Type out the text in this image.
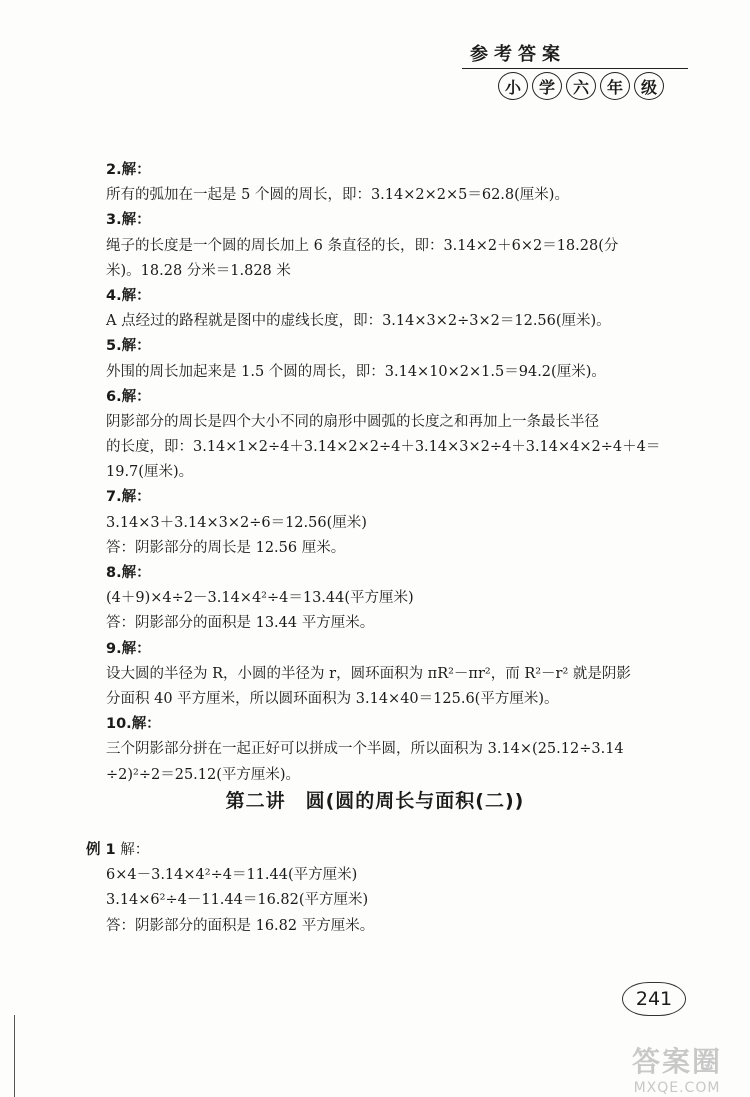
参考答案
小	学	六	年	级
2.解：
所有的弧加在一起是 5 个圆的周长，即：3.14×2×2×5＝62.8(厘米)。
3.解：
绳子的长度是一个圆的周长加上 6 条直径的长，即：3.14×2＋6×2＝18.28(分
米)。18.28 分米＝1.828 米
4.解：
A 点经过的路程就是图中的虚线长度，即：3.14×3×2÷3×2＝12.56(厘米)。
5.解：
外围的周长加起来是 1.5 个圆的周长，即：3.14×10×2×1.5＝94.2(厘米)。
6.解：
阴影部分的周长是四个大小不同的扇形中圆弧的长度之和再加上一条最长半径
的长度，即：3.14×1×2÷4＋3.14×2×2÷4＋3.14×3×2÷4＋3.14×4×2÷4＋4＝
19.7(厘米)。
7.解：
3.14×3＋3.14×3×2÷6＝12.56(厘米)
答：阴影部分的周长是 12.56 厘米。
8.解：
(4＋9)×4÷2－3.14×4²÷4＝13.44(平方厘米)
答：阴影部分的面积是 13.44 平方厘米。
9.解：
设大圆的半径为 R，小圆的半径为 r，圆环面积为 πR²－πr²，而 R²－r² 就是阴影
分面积 40 平方厘米，所以圆环面积为 3.14×40＝125.6(平方厘米)。
10.解：
三个阴影部分拼在一起正好可以拼成一个半圆，所以面积为 3.14×(25.12÷3.14
÷2)²÷2＝25.12(平方厘米)。
第二讲　圆(圆的周长与面积(二))
例 1 解：
6×4－3.14×4²÷4＝11.44(平方厘米)
3.14×6²÷4－11.44＝16.82(平方厘米)
答：阴影部分的面积是 16.82 平方厘米。
241
答案圈
MXQE.COM
